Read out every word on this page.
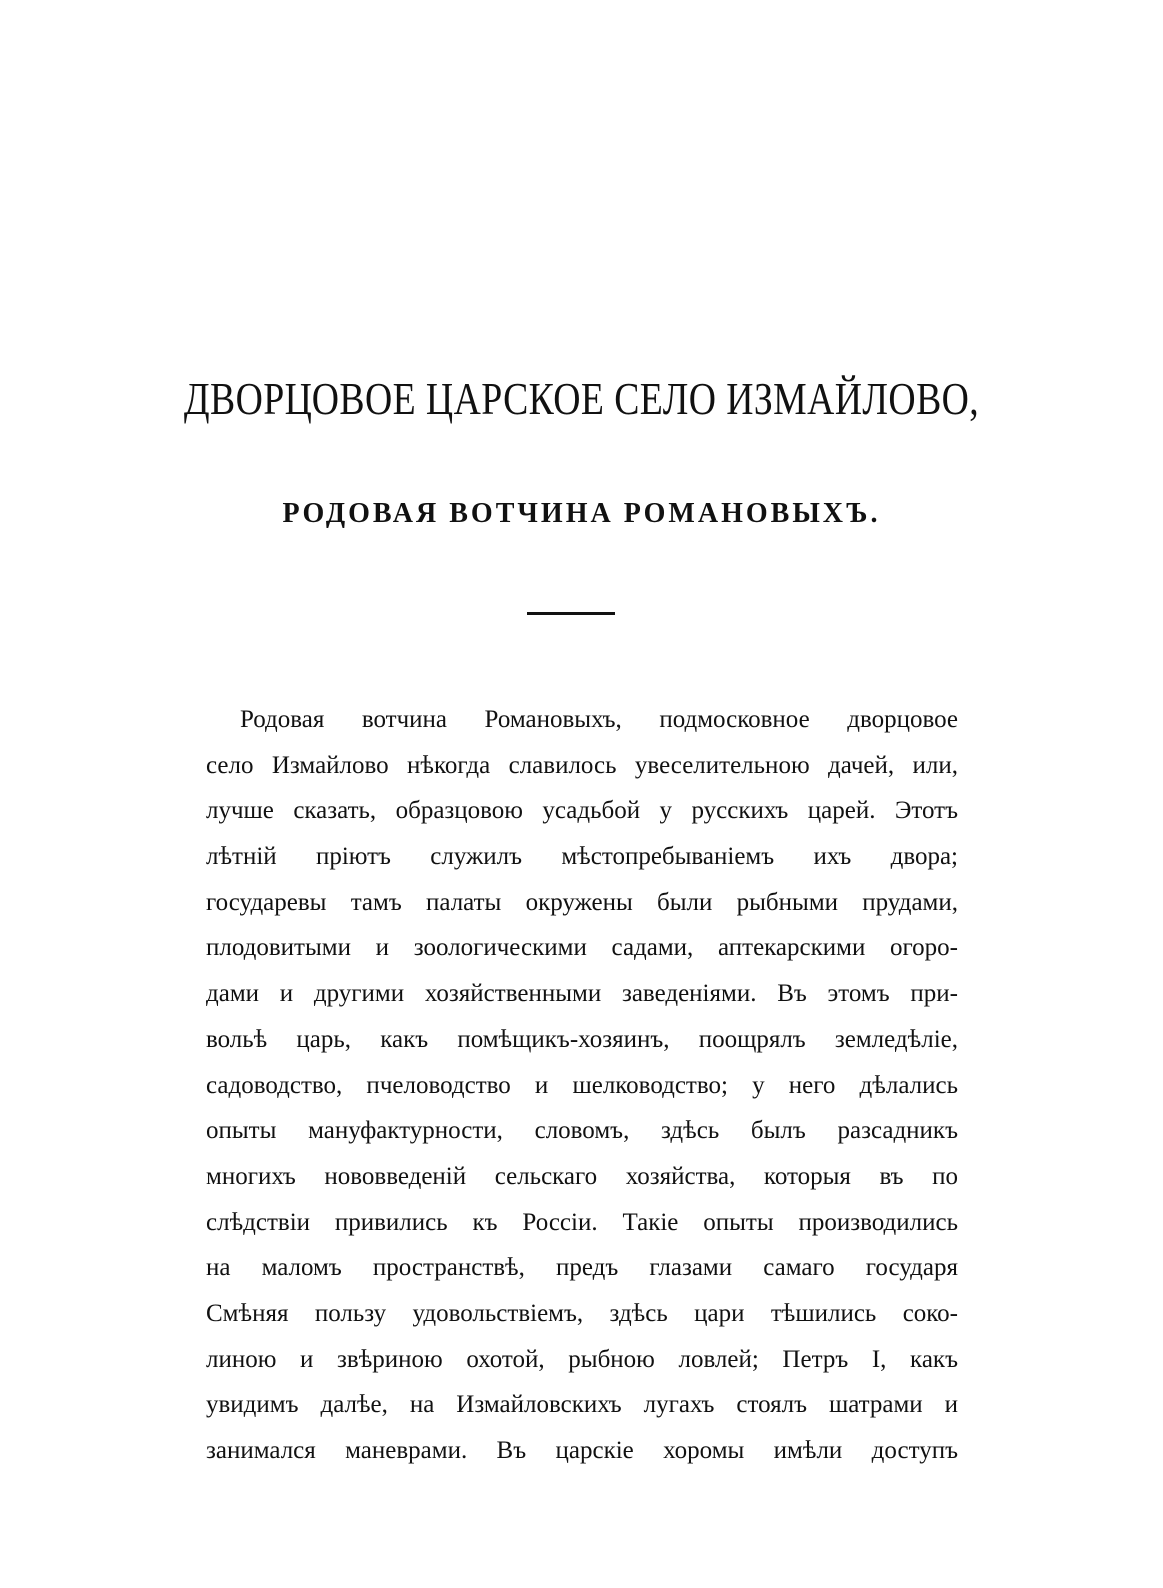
ДВОРЦОВОЕ ЦАРСКОЕ СЕЛО ИЗМАЙЛОВО,
РОДОВАЯ ВОТЧИНА РОМАНОВЫХЪ.
Родовая вотчина Романовыхъ, подмосковное дворцовое
село Измайлово нѣкогда славилось увеселительною дачей, или,
лучше сказать, образцовою усадьбой у русскихъ царей. Этотъ
лѣтній пріютъ служилъ мѣстопребываніемъ ихъ двора;
государевы тамъ палаты окружены были рыбными прудами,
плодовитыми и зоологическими садами, аптекарскими огоро-
дами и другими хозяйственными заведеніями. Въ этомъ при-
вольѣ царь, какъ помѣщикъ-хозяинъ, поощрялъ земледѣліе,
садоводство, пчеловодство и шелководство; у него дѣлались
опыты мануфактурности, словомъ, здѣсь былъ разсадникъ
многихъ нововведеній сельскаго хозяйства, которыя въ по
слѣдствіи привились къ Россіи. Такіе опыты производились
на маломъ пространствѣ, предъ глазами самаго государя
Смѣняя пользу удовольствіемъ, здѣсь цари тѣшились соко-
линою и звѣриною охотой, рыбною ловлей; Петръ I, какъ
увидимъ далѣе, на Измайловскихъ лугахъ стоялъ шатрами и
занимался маневрами. Въ царскіе хоромы имѣли доступъ
